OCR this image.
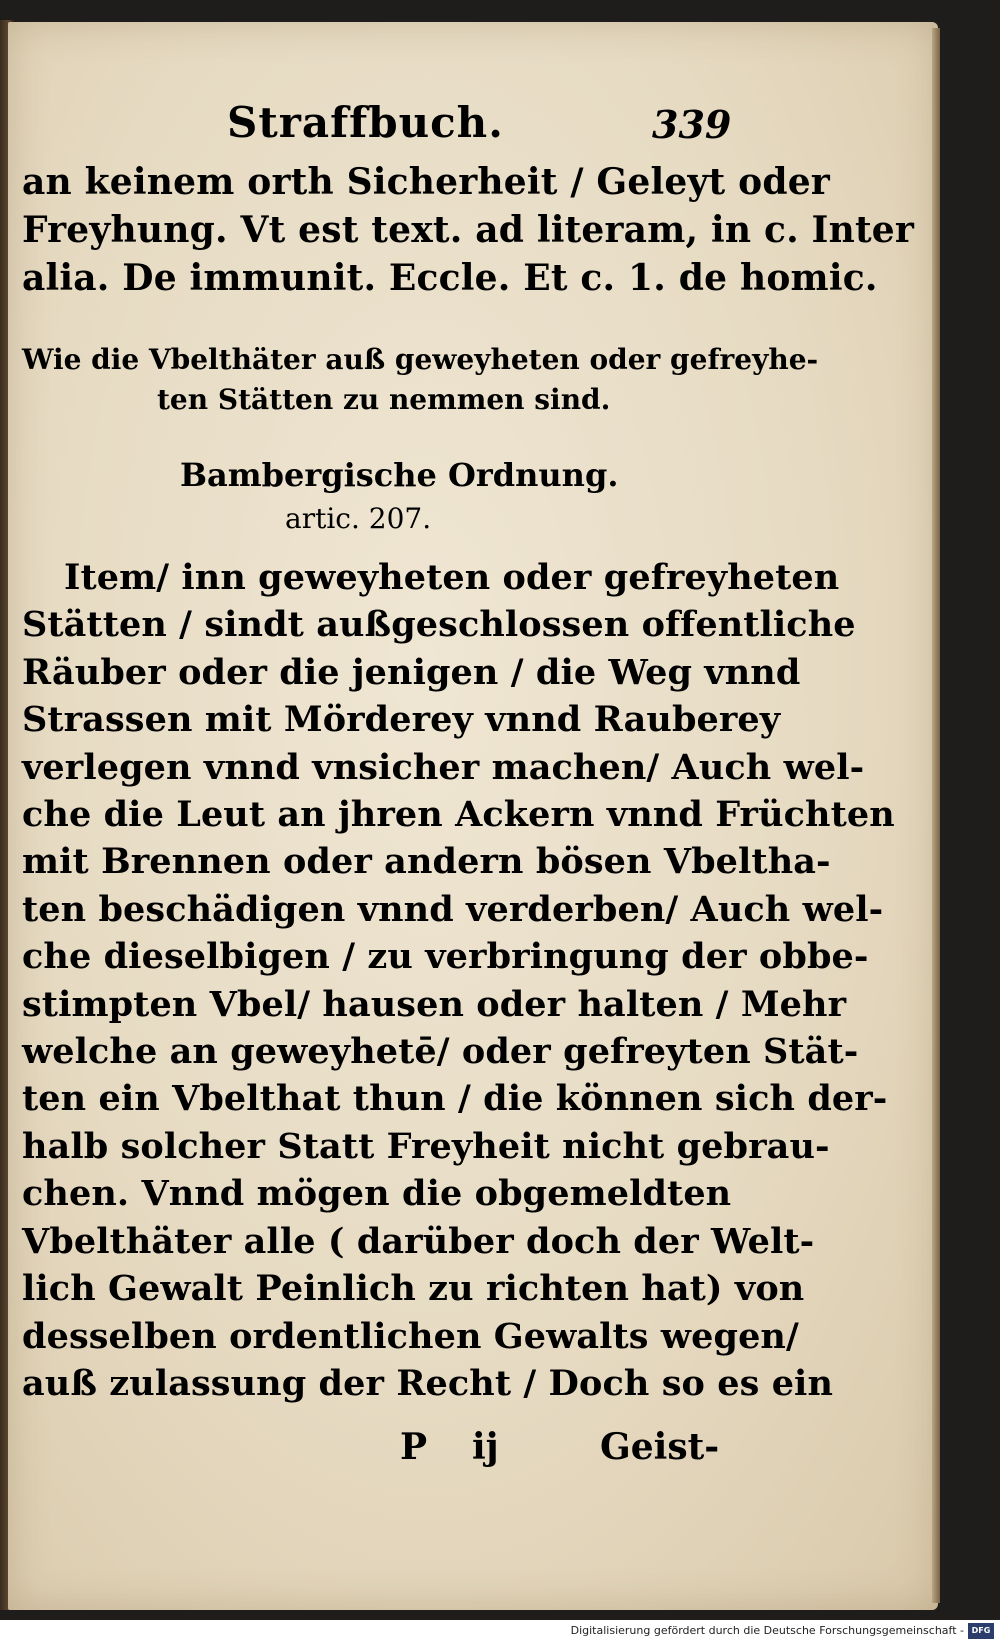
Straffbuch.	339
an keinem orth Sicherheit / Geleyt oder
Freyhung. Vt est text. ad literam, in c. Inter
alia. De immunit. Eccle. Et c. 1. de homic.
Wie die Vbelthäter auß geweyheten oder gefreyhe-
ten Stätten zu nemmen sind.
Bambergische Ordnung.
artic. 207.
Item/ inn geweyheten oder gefreyheten
Stätten / sindt außgeschlossen offentliche
Räuber oder die jenigen / die Weg vnnd
Strassen mit Mörderey vnnd Rauberey
verlegen vnnd vnsicher machen/ Auch wel-
che die Leut an jhren Ackern vnnd Früchten
mit Brennen oder andern bösen Vbeltha-
ten beschädigen vnnd verderben/ Auch wel-
che dieselbigen / zu verbringung der obbe-
stimpten Vbel/ hausen oder halten / Mehr
welche an geweyhetē/ oder gefreyten Stät-
ten ein Vbelthat thun / die können sich der-
halb solcher Statt Freyheit nicht gebrau-
chen. Vnnd mögen die obgemeldten
Vbelthäter alle ( darüber doch der Welt-
lich Gewalt Peinlich zu richten hat) von
desselben ordentlichen Gewalts wegen/
auß zulassung der Recht / Doch so es ein
P ij	Geist-
Digitalisierung gefördert durch die Deutsche Forschungsgemeinschaft - DFG
